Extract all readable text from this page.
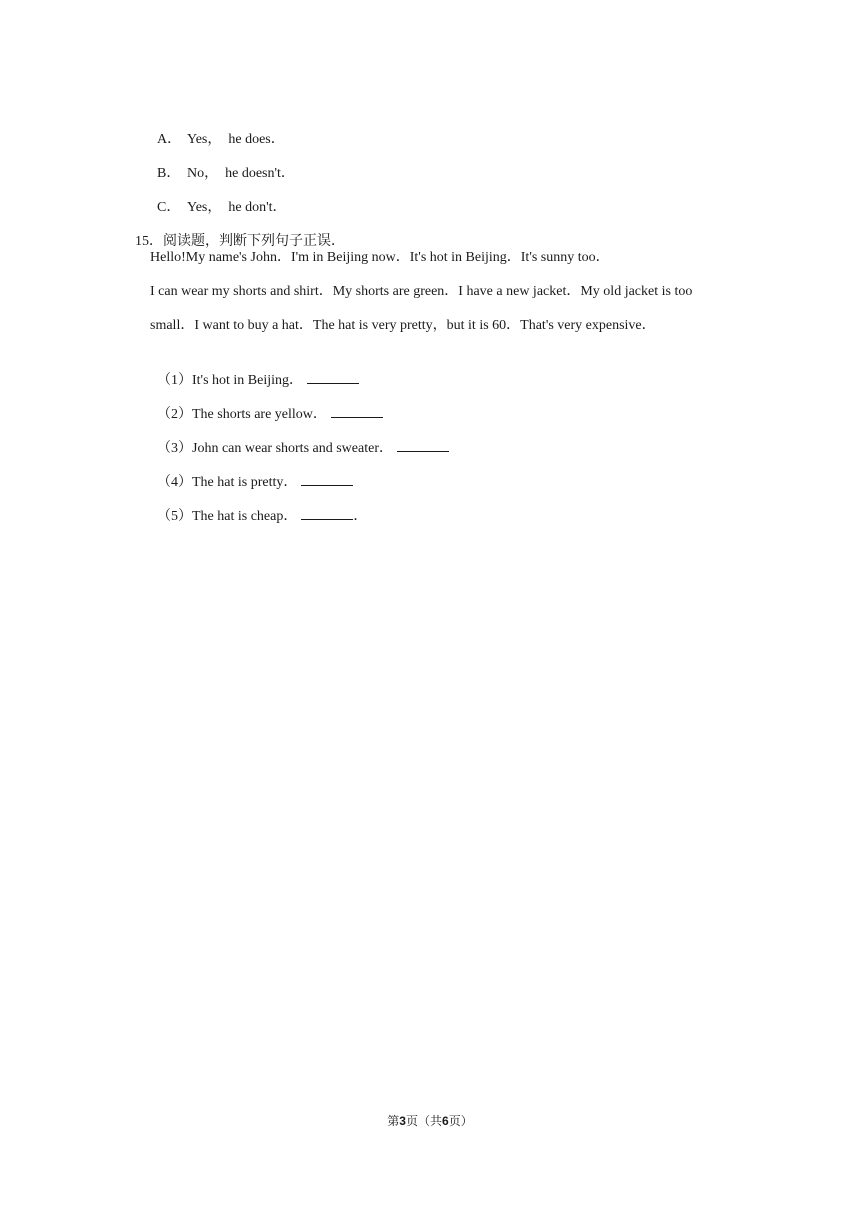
A． Yes，  he does．

B． No，  he doesn't．

C． Yes，  he don't．

15．阅读题，判断下列句子正误．

Hello!My name's John．I'm in Beijing now．It's hot in Beijing．It's sunny too．
I can wear my shorts and shirt．My shorts are green．I have a new jacket．My old jacket is too
small．I want to buy a hat．The hat is very pretty，but it is 60．That's very expensive．

（1）It's hot in Beijing．

（2）The shorts are yellow．

（3）John can wear shorts and sweater．

（4）The hat is pretty．

（5）The hat is cheap．	．

第3页（共6页）
